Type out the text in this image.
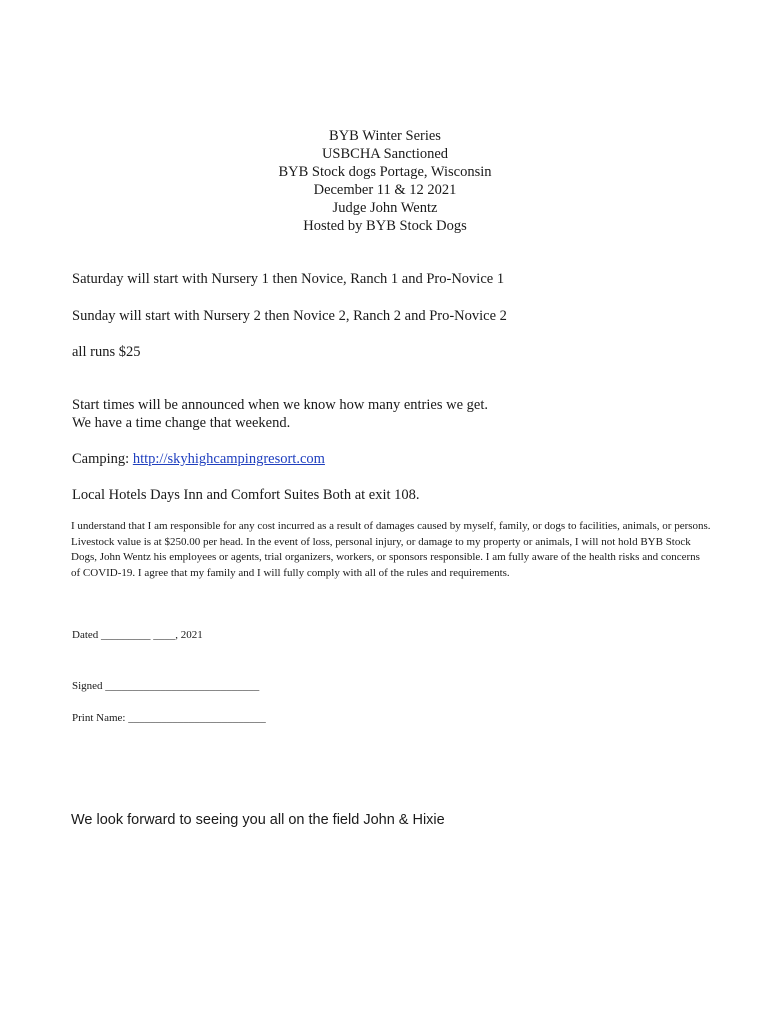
BYB Winter Series
USBCHA Sanctioned
BYB Stock dogs Portage, Wisconsin
December 11 & 12 2021
Judge John Wentz
Hosted by BYB Stock Dogs
Saturday will start with Nursery 1 then Novice, Ranch 1 and Pro-Novice 1
Sunday will start with Nursery 2 then Novice 2, Ranch 2 and Pro-Novice 2
all runs $25
Start times will be announced when we know how many entries we get.
We have a time change that weekend.
Camping: http://skyhighcampingresort.com
Local Hotels Days Inn and Comfort Suites Both at exit 108.
I understand that I am responsible for any cost incurred as a result of damages caused by myself, family, or dogs to facilities, animals, or persons. Livestock value is at $250.00 per head. In the event of loss, personal injury, or damage to my property or animals, I will not hold BYB Stock Dogs, John Wentz his employees or agents, trial organizers, workers, or sponsors responsible. I am fully aware of the health risks and concerns of COVID-19. I agree that my family and I will fully comply with all of the rules and requirements.
Dated _________ ____, 2021
Signed ____________________________
Print Name: _________________________
We look forward to seeing you all on the field John & Hixie
